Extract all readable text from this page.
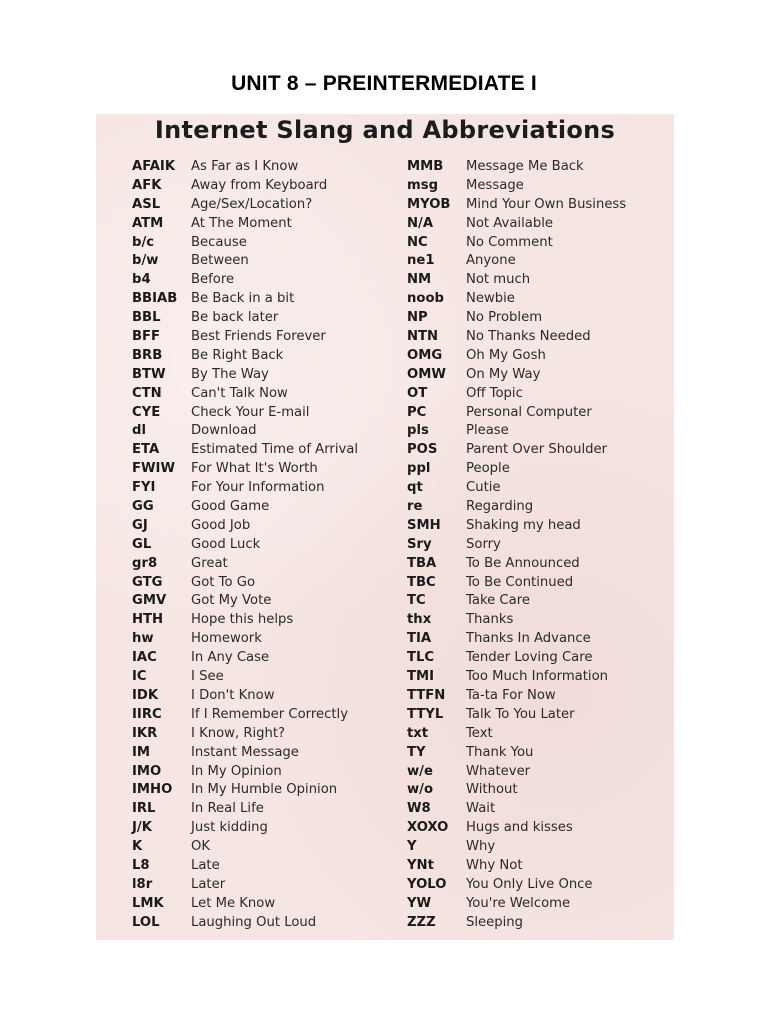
UNIT 8 – PREINTERMEDIATE I
Internet Slang and Abbreviations
AFAIK As Far as I Know
AFK Away from Keyboard
ASL Age/Sex/Location?
ATM At The Moment
b/c	Because
b/w Between
b4	Before
BBIAB Be Back in a bit
BBL Be back later
BFF Best Friends Forever
BRB Be Right Back
BTW By The Way
CTN Can't Talk Now
CYE Check Your E-mail
dl	Download
ETA Estimated Time of Arrival
FWIW For What It's Worth
FYI	For Your Information
GG	Good Game
GJ	Good Job
GL	Good Luck
gr8	Great
GTG Got To Go
GMV Got My Vote
HTH Hope this helps
hw	Homework
IAC	In Any Case
IC	I See
IDK I Don't Know
IIRC If I Remember Correctly
IKR	I Know, Right?
IM	Instant Message
IMO In My Opinion
IMHO In My Humble Opinion
IRL	In Real Life
J/K	Just kidding
K	OK
L8	Late
l8r	Later
LMK Let Me Know
LOL Laughing Out Loud
MMB Message Me Back
msg Message
MYOB Mind Your Own Business
N/A Not Available
NC	No Comment
ne1 Anyone
NM	Not much
noob Newbie
NP	No Problem
NTN No Thanks Needed
OMG Oh My Gosh
OMW On My Way
OT	Off Topic
PC	Personal Computer
pls	Please
POS Parent Over Shoulder
ppl	People
qt	Cutie
re	Regarding
SMH Shaking my head
Sry	Sorry
TBA To Be Announced
TBC To Be Continued
TC	Take Care
thx	Thanks
TIA	Thanks In Advance
TLC Tender Loving Care
TMI Too Much Information
TTFN Ta-ta For Now
TTYL Talk To You Later
txt	Text
TY	Thank You
w/e	Whatever
w/o Without
W8	Wait
XOXO Hugs and kisses
Y	Why
YNt Why Not
YOLO You Only Live Once
YW	You're Welcome
ZZZ Sleeping
